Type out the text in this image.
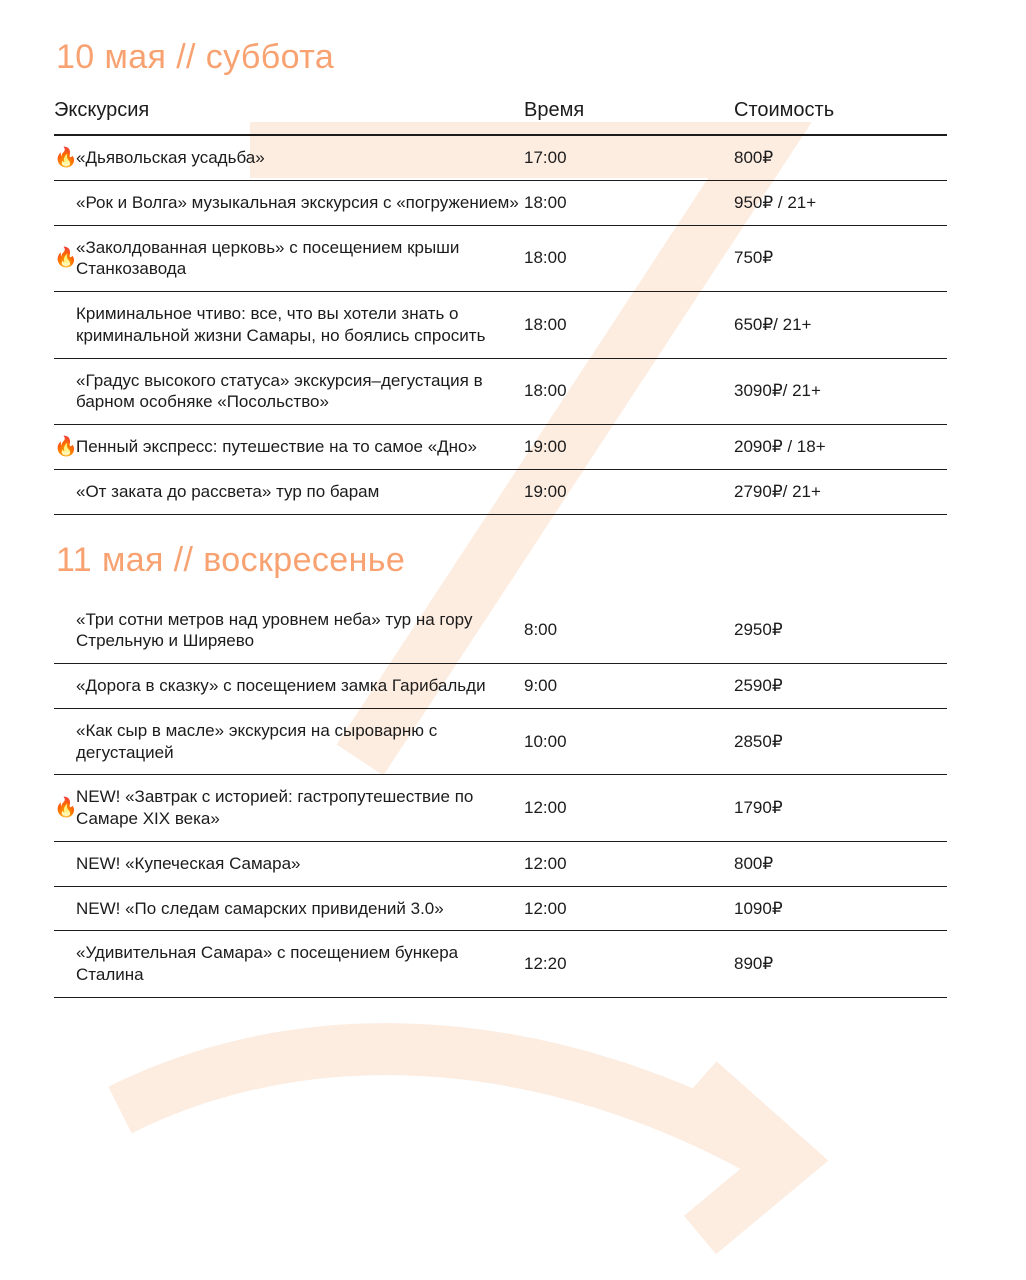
10 мая // суббота
Экскурсия	Время	Стоимость

🔥
«Дьявольская усадьба»	17:00	800₽

«Рок и Волга» музыкальная экскурсия с «погружением»	18:00	950₽ / 21+

🔥
«Заколдованная церковь» с посещением крыши Станкозавода	18:00	750₽

Криминальное чтиво: все, что вы хотели знать о криминальной жизни Самары, но боялись спросить	18:00	650₽/ 21+

«Градус высокого статуса» экскурсия–дегустация в барном особняке «Посольство»	18:00	3090₽/ 21+

🔥
Пенный экспресс: путешествие на то самое «Дно»	19:00	2090₽ / 18+

«От заката до рассвета» тур по барам	19:00	2790₽/ 21+
11 мая // воскресенье
«Три сотни метров над уровнем неба» тур на гору Стрельную и Ширяево	8:00	2950₽

«Дорога в сказку» с посещением замка Гарибальди	9:00	2590₽

«Как сыр в масле» экскурсия на сыроварню с дегустацией	10:00	2850₽

🔥
NEW! «Завтрак с историей: гастропутешествие по Самаре XIX века»	12:00	1790₽

NEW! «Купеческая Самара»	12:00	800₽

NEW! «По следам самарских привидений 3.0»	12:00	1090₽

«Удивительная Самара» с посещением бункера Сталина	12:20	890₽
